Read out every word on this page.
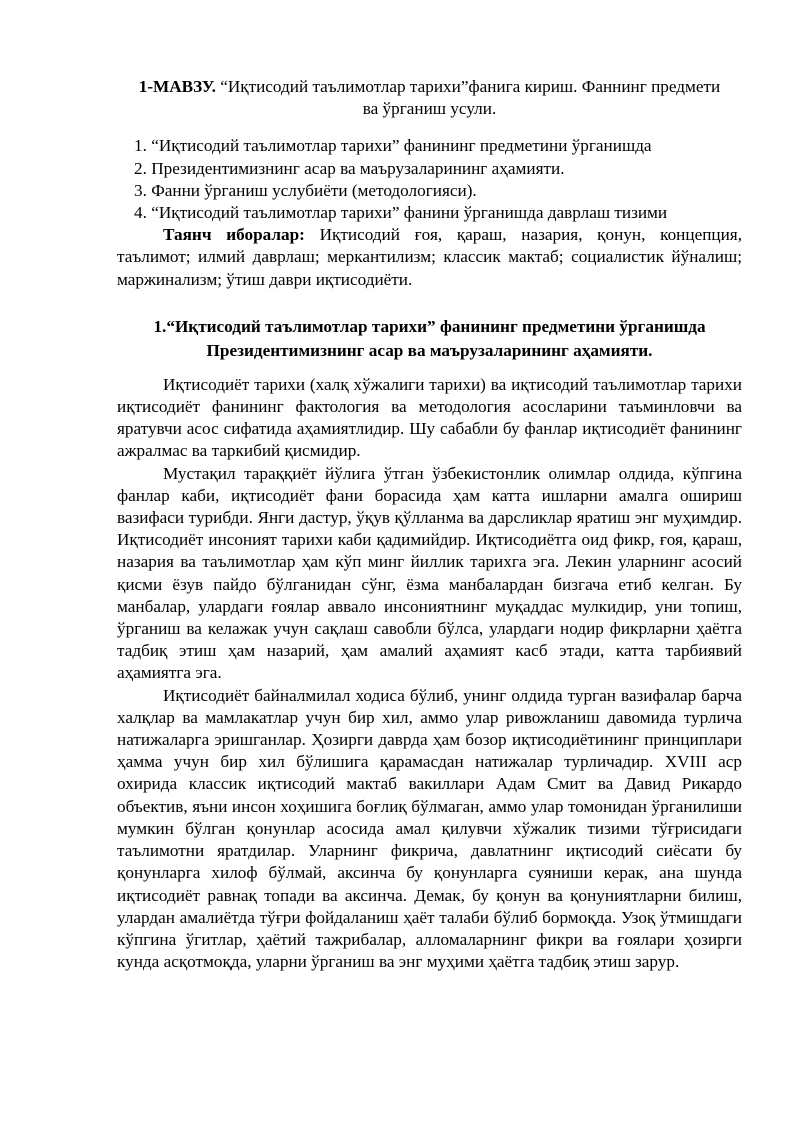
1-МАВЗУ. “Иқтисодий таълимотлар тарихи”фанига кириш. Фаннинг предмети ва ўрганиш усули.

1. “Иқтисодий таълимотлар тарихи” фанининг предметини ўрганишда
2. Президентимизнинг асар ва маърузаларининг аҳамияти.
3. Фанни ўрганиш услубиёти (методологияси).
4. “Иқтисодий таълимотлар тарихи” фанини ўрганишда даврлаш тизими

Таянч иборалар: Иқтисодий ғоя, қараш, назария, қонун, концепция, таълимот; илмий даврлаш; меркантилизм; классик мактаб; социалистик йўналиш; маржинализм; ўтиш даври иқтисодиёти.

1.“Иқтисодий таълимотлар тарихи” фанининг предметини ўрганишда Президентимизнинг асар ва маърузаларининг аҳамияти.

Иқтисодиёт тарихи (халқ хўжалиги тарихи) ва иқтисодий таълимотлар тарихи иқтисодиёт фанининг фактология ва методология асосларини таъминловчи ва яратувчи асос сифатида аҳамиятлидир. Шу сабабли бу фанлар иқтисодиёт фанининг ажралмас ва таркибий қисмидир.

Мустақил тараққиёт йўлига ўтган ўзбекистонлик олимлар олдида, кўпгина фанлар каби, иқтисодиёт фани борасида ҳам катта ишларни амалга ошириш вазифаси турибди. Янги дастур, ўқув қўлланма ва дарсликлар яратиш энг муҳимдир. Иқтисодиёт инсоният тарихи каби қадимийдир. Иқтисодиётга оид фикр, ғоя, қараш, назария ва таълимотлар ҳам кўп минг йиллик тарихга эга. Лекин уларнинг асосий қисми ёзув пайдо бўлганидан сўнг, ёзма манбалардан бизгача етиб келган. Бу манбалар, улардаги ғоялар аввало инсониятнинг муқаддас мулкидир, уни топиш, ўрганиш ва келажак учун сақлаш савобли бўлса, улардаги нодир фикрларни ҳаётга тадбиқ этиш ҳам назарий, ҳам амалий аҳамият касб этади, катта тарбиявий аҳамиятга эга.

Иқтисодиёт байналмилал ходиса бўлиб, унинг олдида турган вазифалар барча халқлар ва мамлакатлар учун бир хил, аммо улар ривожланиш давомида турлича натижаларга эришганлар. Ҳозирги даврда ҳам бозор иқтисодиётининг принциплари ҳамма учун бир хил бўлишига қарамасдан натижалар турличадир. XVIII аср охирида классик иқтисодий мактаб вакиллари Адам Смит ва Давид Рикардо объектив, яъни инсон хоҳишига боғлиқ бўлмаган, аммо улар томонидан ўрганилиши мумкин бўлган қонунлар асосида амал қилувчи хўжалик тизими тўғрисидаги таълимотни яратдилар. Уларнинг фикрича, давлатнинг иқтисодий сиёсати бу қонунларга хилоф бўлмай, аксинча бу қонунларга суяниши керак, ана шунда иқтисодиёт равнақ топади ва аксинча. Демак, бу қонун ва қонуниятларни билиш, улардан амалиётда тўғри фойдаланиш ҳаёт талаби бўлиб бормоқда. Узоқ ўтмишдаги кўпгина ўгитлар, ҳаётий тажрибалар, алломаларнинг фикри ва ғоялари ҳозирги кунда асқотмоқда, уларни ўрганиш ва энг муҳими ҳаётга тадбиқ этиш зарур.
